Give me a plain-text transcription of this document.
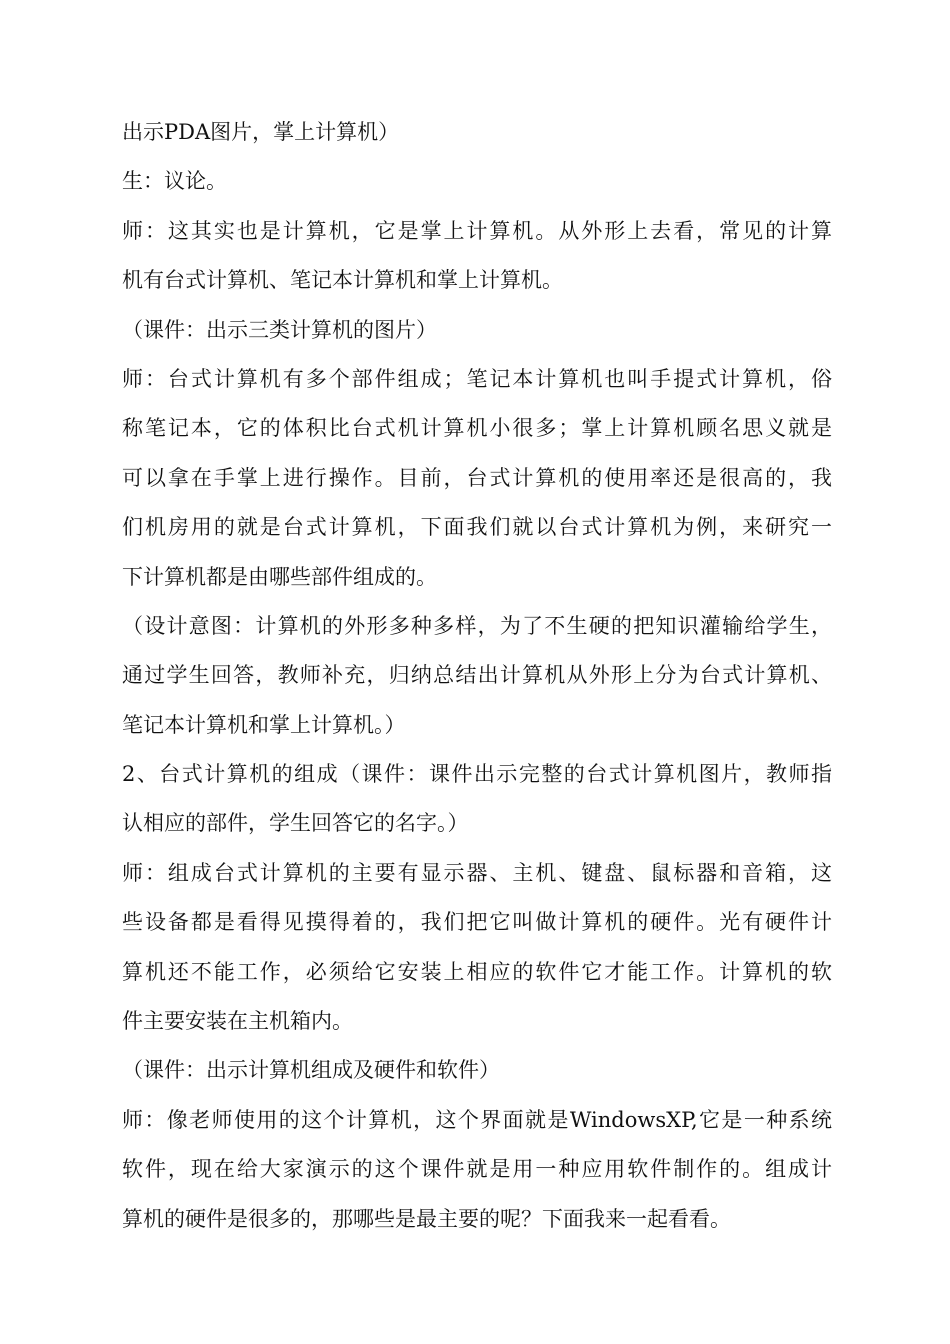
出示PDA图片，掌上计算机）
生：议论。
师：这其实也是计算机，它是掌上计算机。从外形上去看，常见的计算
机有台式计算机、笔记本计算机和掌上计算机。
（课件：出示三类计算机的图片）
师：台式计算机有多个部件组成；笔记本计算机也叫手提式计算机，俗
称笔记本，它的体积比台式机计算机小很多；掌上计算机顾名思义就是
可以拿在手掌上进行操作。目前，台式计算机的使用率还是很高的，我
们机房用的就是台式计算机，下面我们就以台式计算机为例，来研究一
下计算机都是由哪些部件组成的。
（设计意图：计算机的外形多种多样，为了不生硬的把知识灌输给学生，
通过学生回答，教师补充，归纳总结出计算机从外形上分为台式计算机、
笔记本计算机和掌上计算机。）
2、台式计算机的组成（课件：课件出示完整的台式计算机图片，教师指
认相应的部件，学生回答它的名字。）
师：组成台式计算机的主要有显示器、主机、键盘、鼠标器和音箱，这
些设备都是看得见摸得着的，我们把它叫做计算机的硬件。光有硬件计
算机还不能工作，必须给它安装上相应的软件它才能工作。计算机的软
件主要安装在主机箱内。
（课件：出示计算机组成及硬件和软件）
师：像老师使用的这个计算机，这个界面就是WindowsXP,它是一种系统
软件，现在给大家演示的这个课件就是用一种应用软件制作的。组成计
算机的硬件是很多的，那哪些是最主要的呢？下面我来一起看看。
